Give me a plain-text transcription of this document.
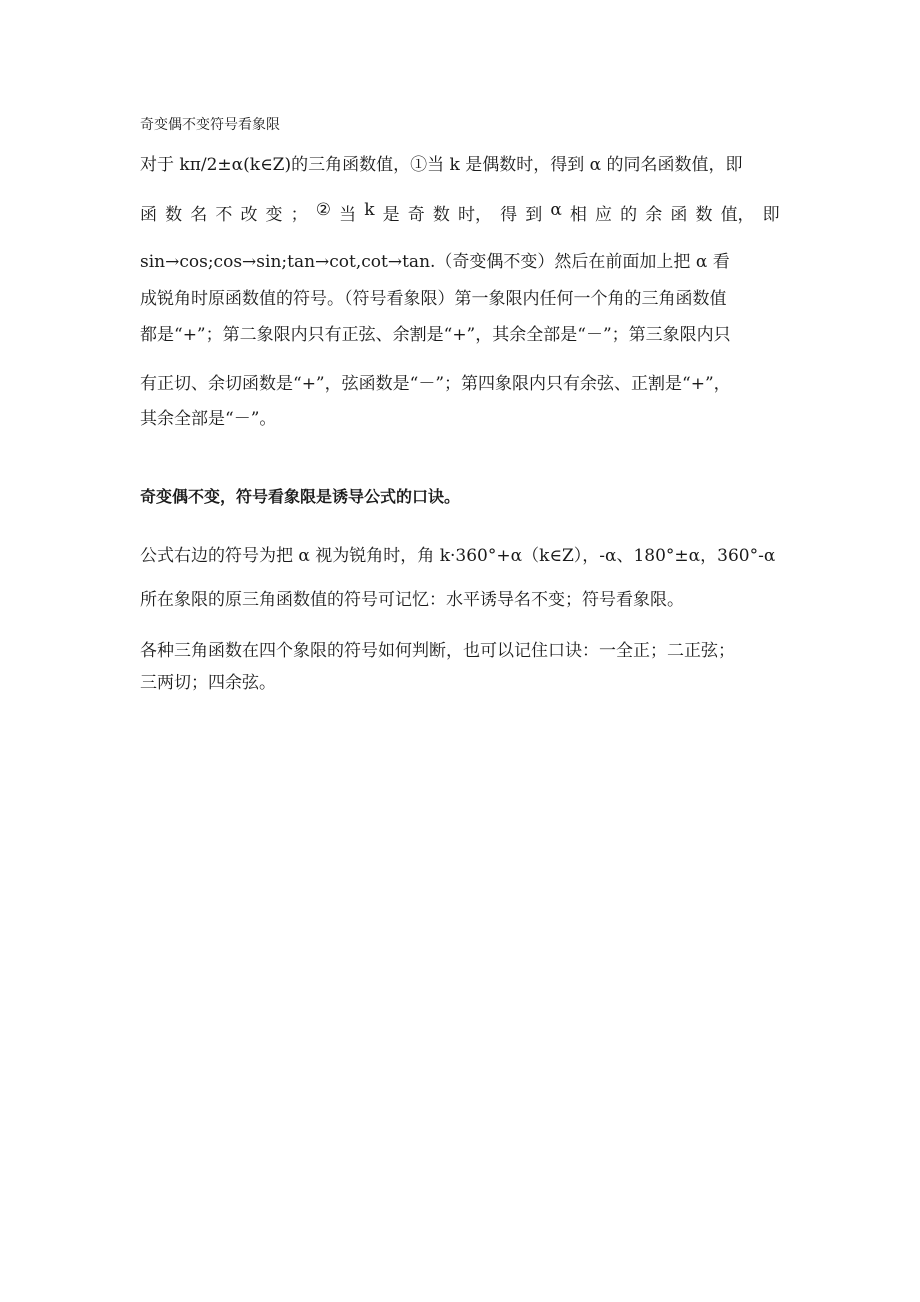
奇变偶不变符号看象限
对于 kπ/2±α(k∈Z)的三角函数值，①当 k 是偶数时，得到 α 的同名函数值，即
函 数 名 不 改 变 ； ② 当 k 是 奇 数 时， 得 到 α 相 应 的 余 函 数 值， 即
sin→cos;cos→sin;tan→cot,cot→tan.（奇变偶不变）然后在前面加上把 α 看
成锐角时原函数值的符号。（符号看象限）第一象限内任何一个角的三角函数值
都是“+”；第二象限内只有正弦、余割是“+”，其余全部是“－”；第三象限内只
有正切、余切函数是“+”，弦函数是“－”；第四象限内只有余弦、正割是“+”，
其余全部是“－”。
奇变偶不变，符号看象限是诱导公式的口诀。
公式右边的符号为把 α 视为锐角时，角 k·360°+α（k∈Z），-α、180°±α，360°-α
所在象限的原三角函数值的符号可记忆：水平诱导名不变；符号看象限。
各种三角函数在四个象限的符号如何判断，也可以记住口诀：一全正；二正弦；
三两切；四余弦。
